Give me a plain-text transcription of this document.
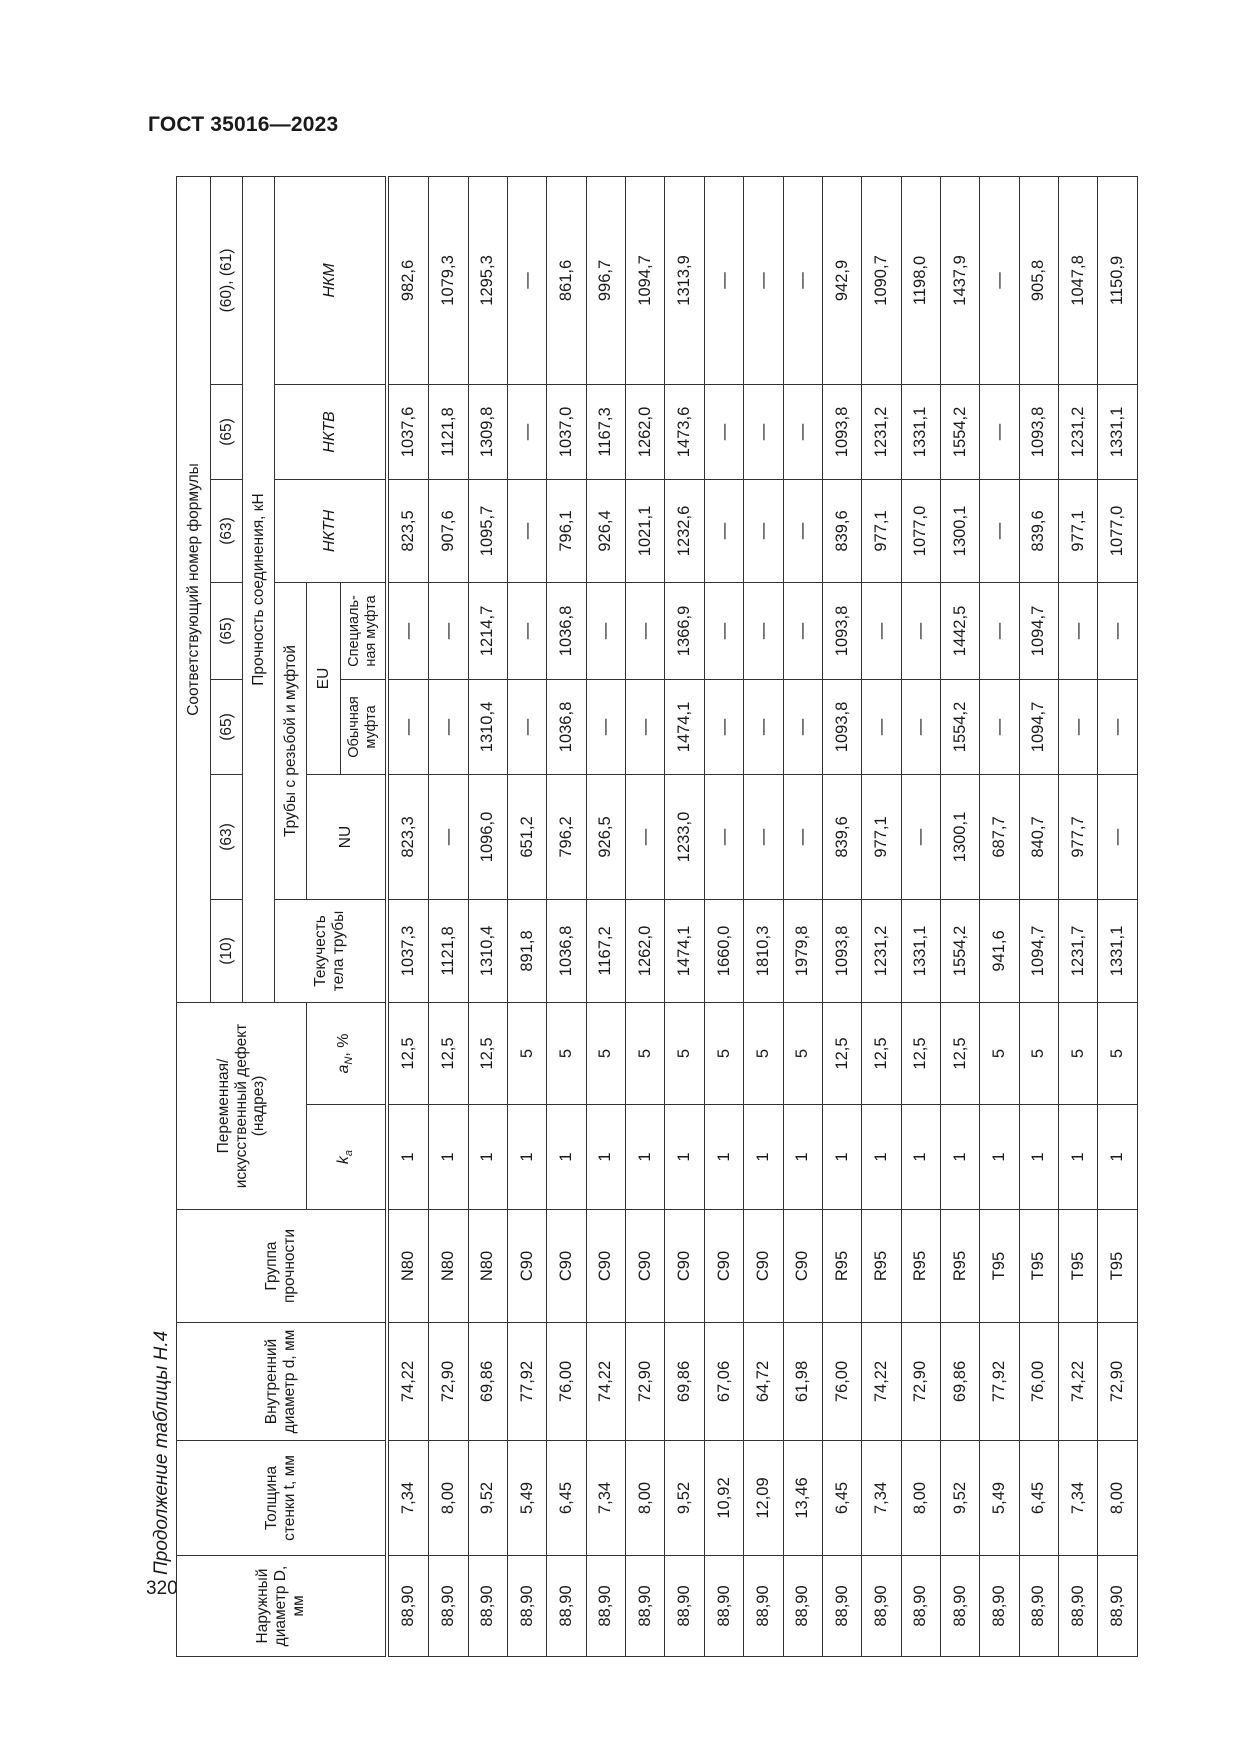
ГОСТ 35016—2023
Продолжение таблицы Н.4
320	Наружный диаметр D, мм	Толщина стенки t, мм	Внутренний диаметр d, мм	Группа прочности	Переменная/ искусственный дефект (надрез)		Соответствующий номер формулы						
						(10)	(63)	(65)	(65)	(63)	(65)	(60), (61)
						Прочность соединения, кН						
						Текучесть тела трубы	Трубы с резьбой и муфтой			НКТН	НКТВ	НКМ
				$k_a$	$a_N$, %		NU	EU				
								Обычная муфта	Специаль-ная муфта			
88,90	7,34	74,22	N80	1	12,5	1037,3	823,3	—	—	823,5	1037,6	982,6
88,90	8,00	72,90	N80	1	12,5	1121,8	—	—	—	907,6	1121,8	1079,3
88,90	9,52	69,86	N80	1	12,5	1310,4	1096,0	1310,4	1214,7	1095,7	1309,8	1295,3
88,90	5,49	77,92	C90	1	5	891,8	651,2	—	—	—	—	—
88,90	6,45	76,00	C90	1	5	1036,8	796,2	1036,8	1036,8	796,1	1037,0	861,6
88,90	7,34	74,22	C90	1	5	1167,2	926,5	—	—	926,4	1167,3	996,7
88,90	8,00	72,90	C90	1	5	1262,0	—	—	—	1021,1	1262,0	1094,7
88,90	9,52	69,86	C90	1	5	1474,1	1233,0	1474,1	1366,9	1232,6	1473,6	1313,9
88,90	10,92	67,06	C90	1	5	1660,0	—	—	—	—	—	—
88,90	12,09	64,72	C90	1	5	1810,3	—	—	—	—	—	—
88,90	13,46	61,98	C90	1	5	1979,8	—	—	—	—	—	—
88,90	6,45	76,00	R95	1	12,5	1093,8	839,6	1093,8	1093,8	839,6	1093,8	942,9
88,90	7,34	74,22	R95	1	12,5	1231,2	977,1	—	—	977,1	1231,2	1090,7
88,90	8,00	72,90	R95	1	12,5	1331,1	—	—	—	1077,0	1331,1	1198,0
88,90	9,52	69,86	R95	1	12,5	1554,2	1300,1	1554,2	1442,5	1300,1	1554,2	1437,9
88,90	5,49	77,92	T95	1	5	941,6	687,7	—	—	—	—	—
88,90	6,45	76,00	T95	1	5	1094,7	840,7	1094,7	1094,7	839,6	1093,8	905,8
88,90	7,34	74,22	T95	1	5	1231,7	977,7	—	—	977,1	1231,2	1047,8
88,90	8,00	72,90	T95	1	5	1331,1	—	—	—	1077,0	1331,1	1150,9
